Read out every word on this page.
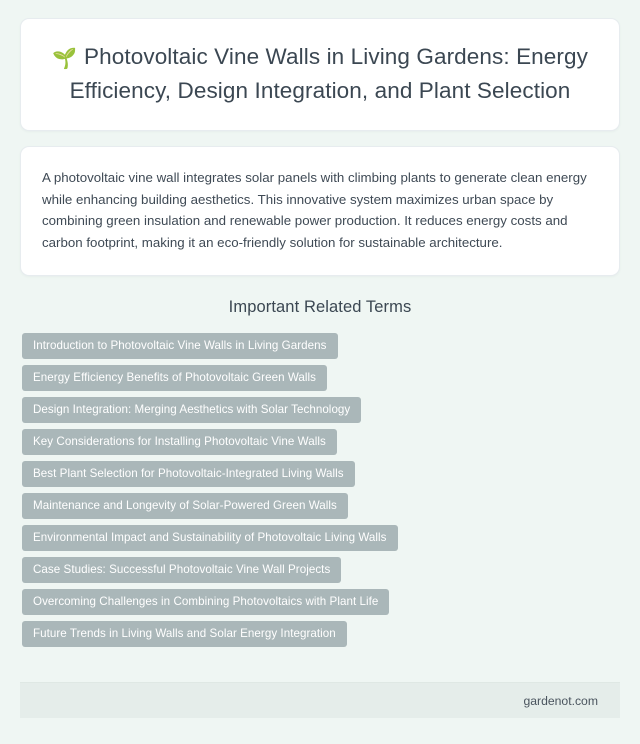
🌱 Photovoltaic Vine Walls in Living Gardens: Energy Efficiency, Design Integration, and Plant Selection

A photovoltaic vine wall integrates solar panels with climbing plants to generate clean energy while enhancing building aesthetics. This innovative system maximizes urban space by combining green insulation and renewable power production. It reduces energy costs and carbon footprint, making it an eco-friendly solution for sustainable architecture.

Important Related Terms
Introduction to Photovoltaic Vine Walls in Living Gardens
Energy Efficiency Benefits of Photovoltaic Green Walls
Design Integration: Merging Aesthetics with Solar Technology
Key Considerations for Installing Photovoltaic Vine Walls
Best Plant Selection for Photovoltaic-Integrated Living Walls
Maintenance and Longevity of Solar-Powered Green Walls
Environmental Impact and Sustainability of Photovoltaic Living Walls
Case Studies: Successful Photovoltaic Vine Wall Projects
Overcoming Challenges in Combining Photovoltaics with Plant Life
Future Trends in Living Walls and Solar Energy Integration
gardenot.com
